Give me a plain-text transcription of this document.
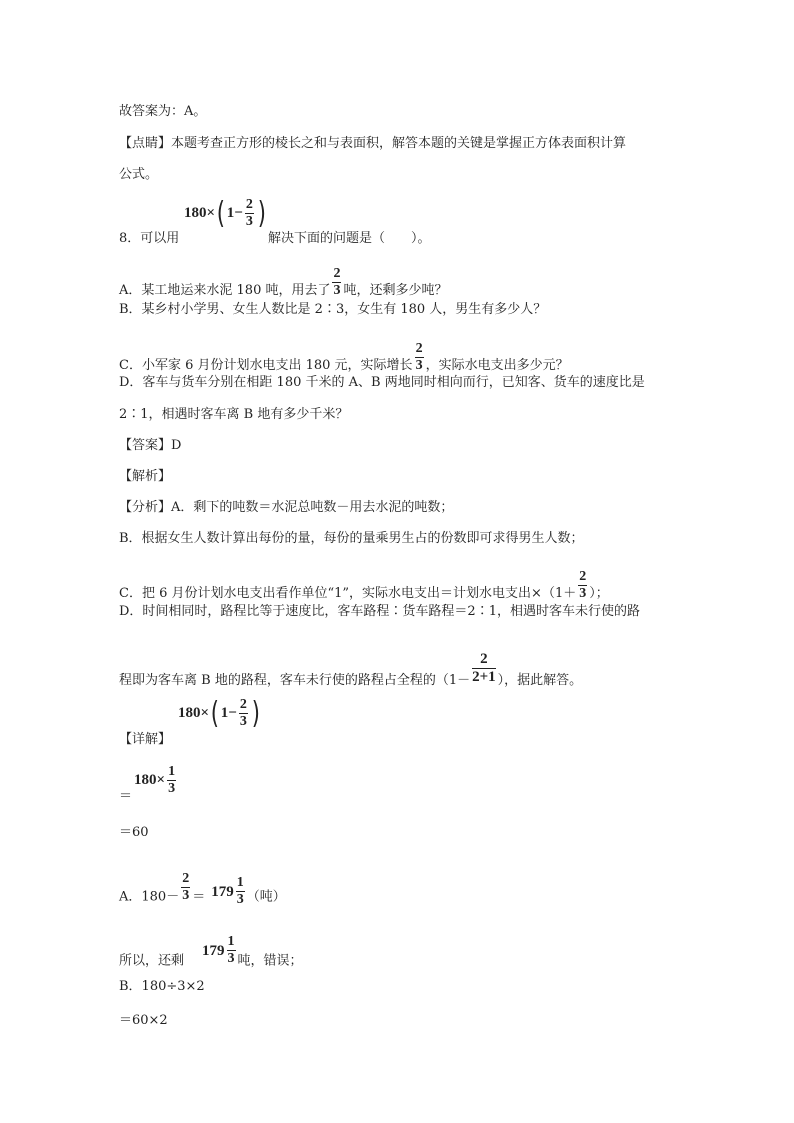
故答案为：A。
【点睛】本题考查正方形的棱长之和与表面积，解答本题的关键是掌握正方体表面积计算
公式。
8．可以用
180×( $1- \frac{2}{3}$ )
解决下面的问题是（　　）。
A．某工地运来水泥 180 吨，用去了 $\frac{2}{3}$ 吨，还剩多少吨？
B．某乡村小学男、女生人数比是 2∶3，女生有 180 人，男生有多少人？
C．小军家 6 月份计划水电支出 180 元，实际增长 $\frac{2}{3}$ ，实际水电支出多少元？
D．客车与货车分别在相距 180 千米的 A、B 两地同时相向而行，已知客、货车的速度比是
2∶1，相遇时客车离 B 地有多少千米？
【答案】D
【解析】
【分析】A．剩下的吨数＝水泥总吨数－用去水泥的吨数；
B．根据女生人数计算出每份的量，每份的量乘男生占的份数即可求得男生人数；
C．把 6 月份计划水电支出看作单位“1”，实际水电支出＝计划水电支出$\times(1+ \frac{2}{3}$ ）；
D．时间相同时，路程比等于速度比，客车路程∶货车路程＝2∶1，相遇时客车未行使的路
程即为客车离 B 地的路程，客车未行使的路程占全程的（$1- \frac{2}{2+1}$ ），据此解答。
【详解】
180×( $1- \frac{2}{3}$ )
＝
$180\times \frac{1}{3}$
＝60
A．$180- \frac{2}{3} = 179 \frac{1}{3}$ （吨）
所以，还剩
$179 \frac{1}{3}$ 吨，错误；
B．180÷3×2
＝60×2
